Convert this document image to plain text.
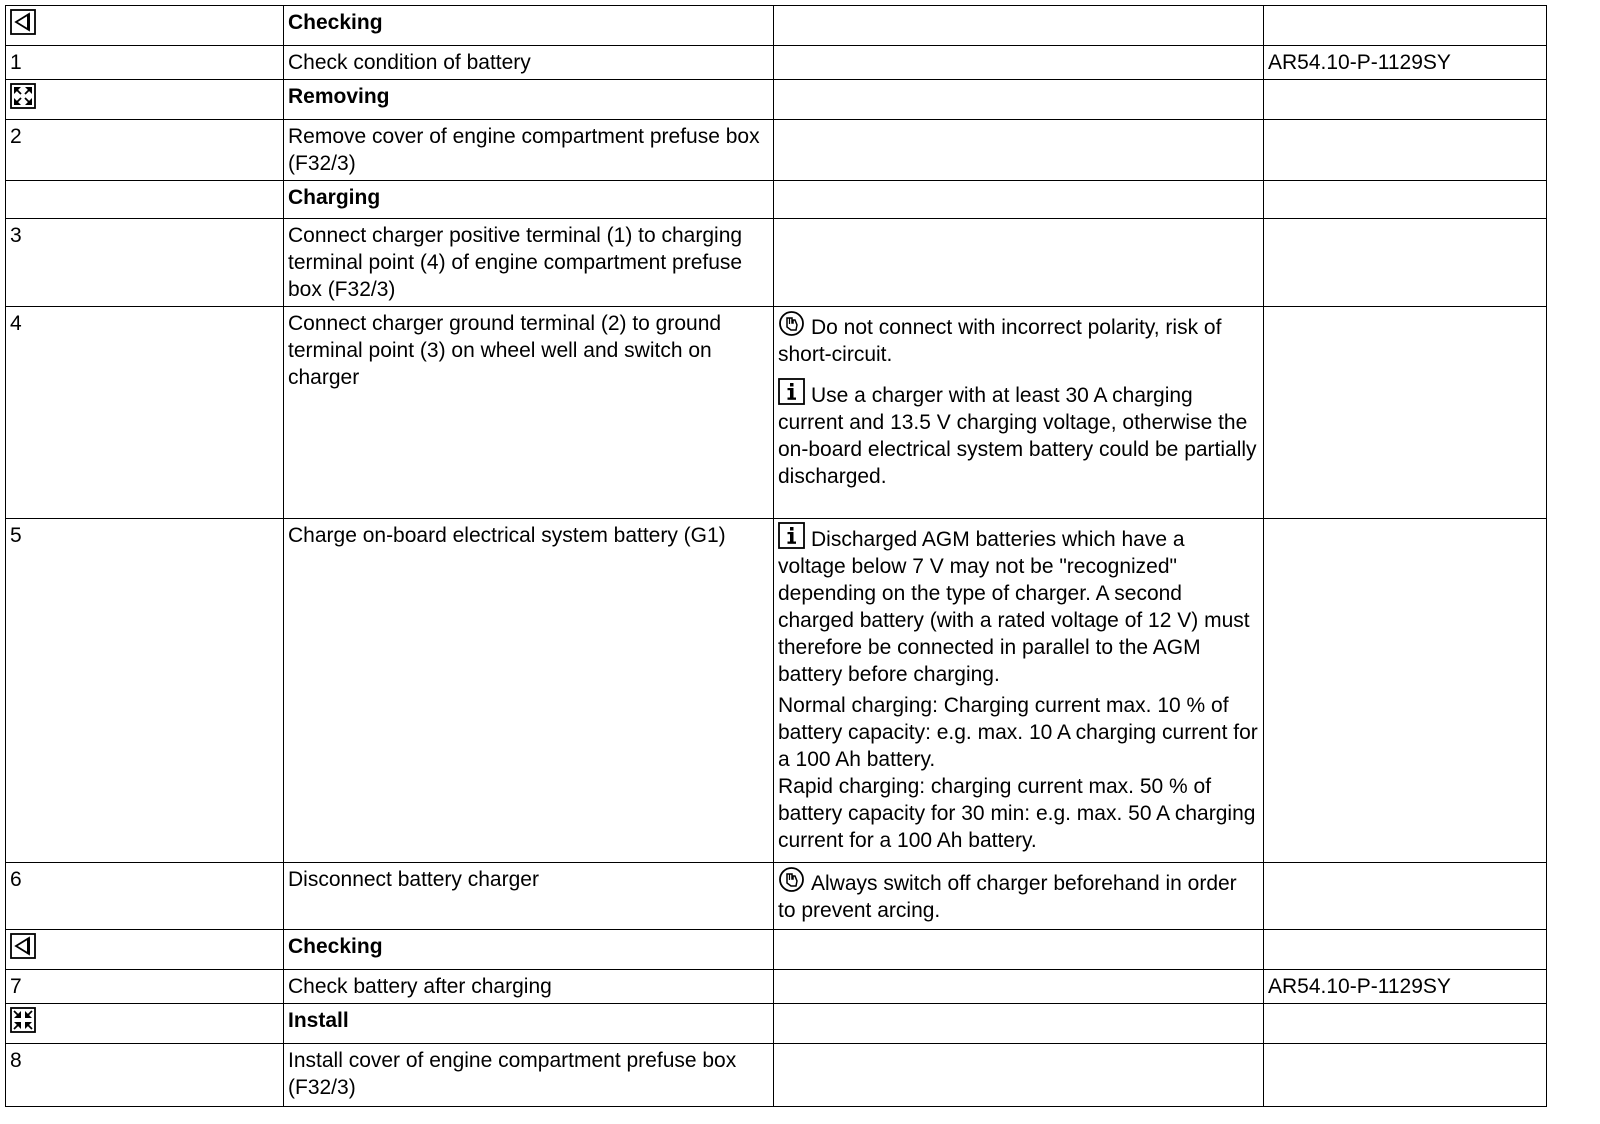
	Checking		
1	Check condition of battery		AR54.10-P-1129SY

	Removing		
2	Remove cover of engine compartment prefuse box (F32/3)		
	Charging		
3	Connect charger positive terminal (1) to charging terminal point (4) of engine compartment prefuse box (F32/3)		
4	Connect charger ground terminal (2) to ground terminal point (3) on wheel well and switch on charger	Do not connect with incorrect polarity, risk of short-circuit.

Use a charger with at least 30 A charging current and 13.5 V charging voltage, otherwise the on-board electrical system battery could be partially discharged.	

5	Charge on-board electrical system battery (G1)	Discharged AGM batteries which have a voltage below 7 V may not be "recognized" depending on the type of charger. A second charged battery (with a rated voltage of 12 V) must therefore be connected in parallel to the AGM battery before charging.

Normal charging: Charging current max. 10 % of battery capacity: e.g. max. 10 A charging current for a 100 Ah battery.

Rapid charging: charging current max. 50 % of battery capacity for 30 min: e.g. max. 50 A charging current for a 100 Ah battery.	

6	Disconnect battery charger	Always switch off charger beforehand in order to prevent arcing.	

	Checking		
7	Check battery after charging		AR54.10-P-1129SY

	Install		
8	Install cover of engine compartment prefuse box (F32/3)		
